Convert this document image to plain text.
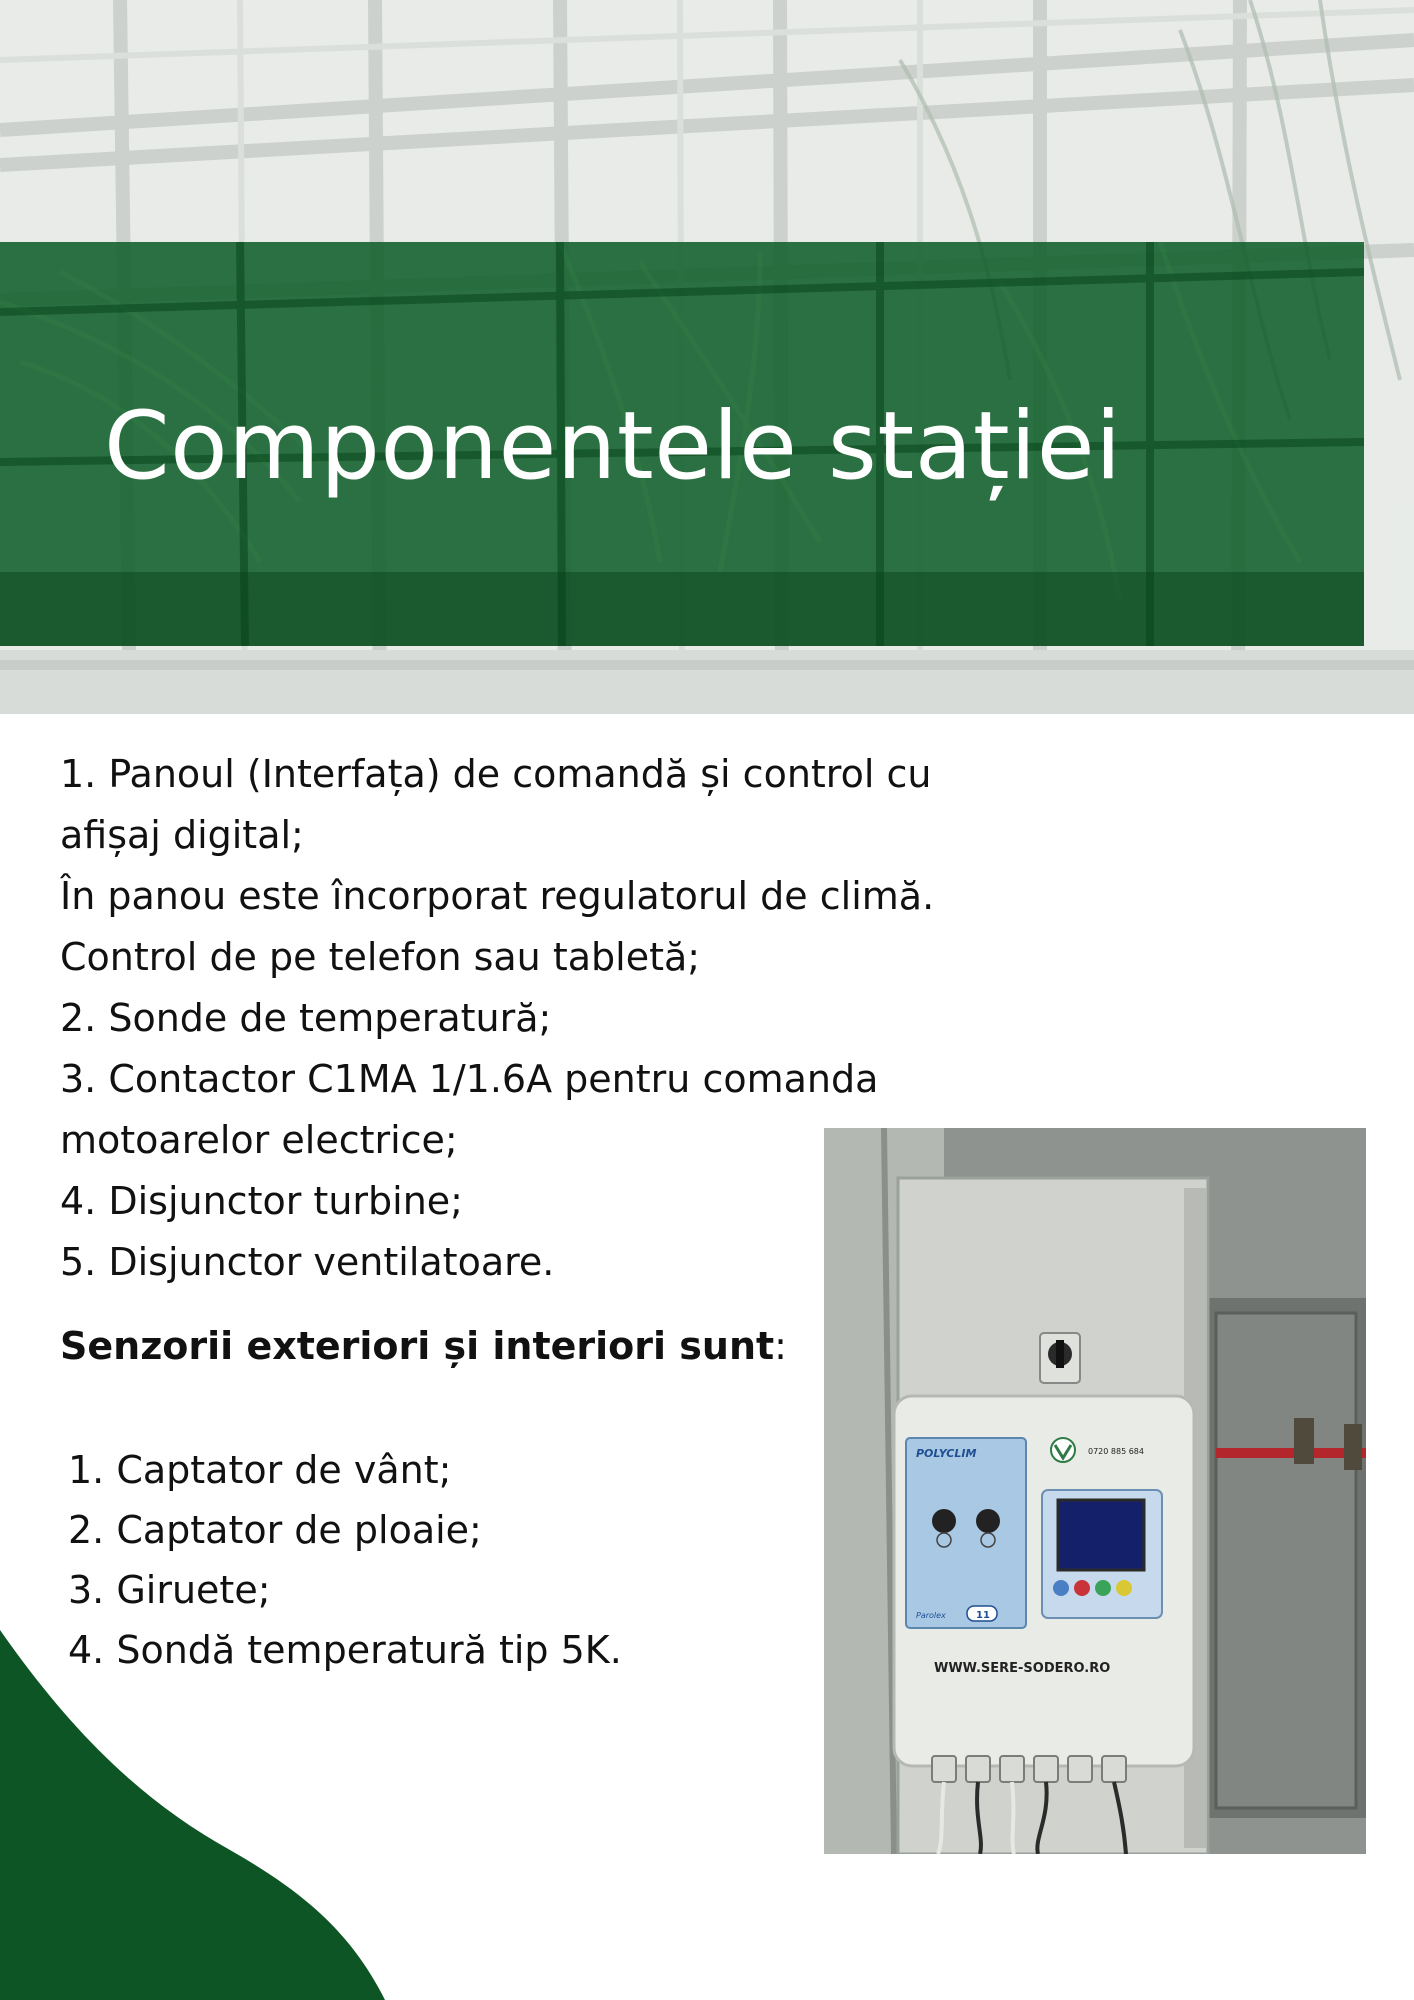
Componentele stației
1. Panoul (Interfața) de comandă și control cu
afișaj digital;
În panou este încorporat regulatorul de climă.
Control de pe telefon sau tabletă;
2. Sonde de temperatură;
3. Contactor C1MA 1/1.6A pentru comanda
motoarelor electrice;
4. Disjunctor turbine;
5. Disjunctor ventilatoare.

Senzorii exteriori și interiori sunt:

1. Captator de vânt;
2. Captator de ploaie;
3. Giruete;
4. Sondă temperatură tip 5K.
POLYCLIM
Parolex	11
0720 885 684
WWW.SERE-SODERO.RO
